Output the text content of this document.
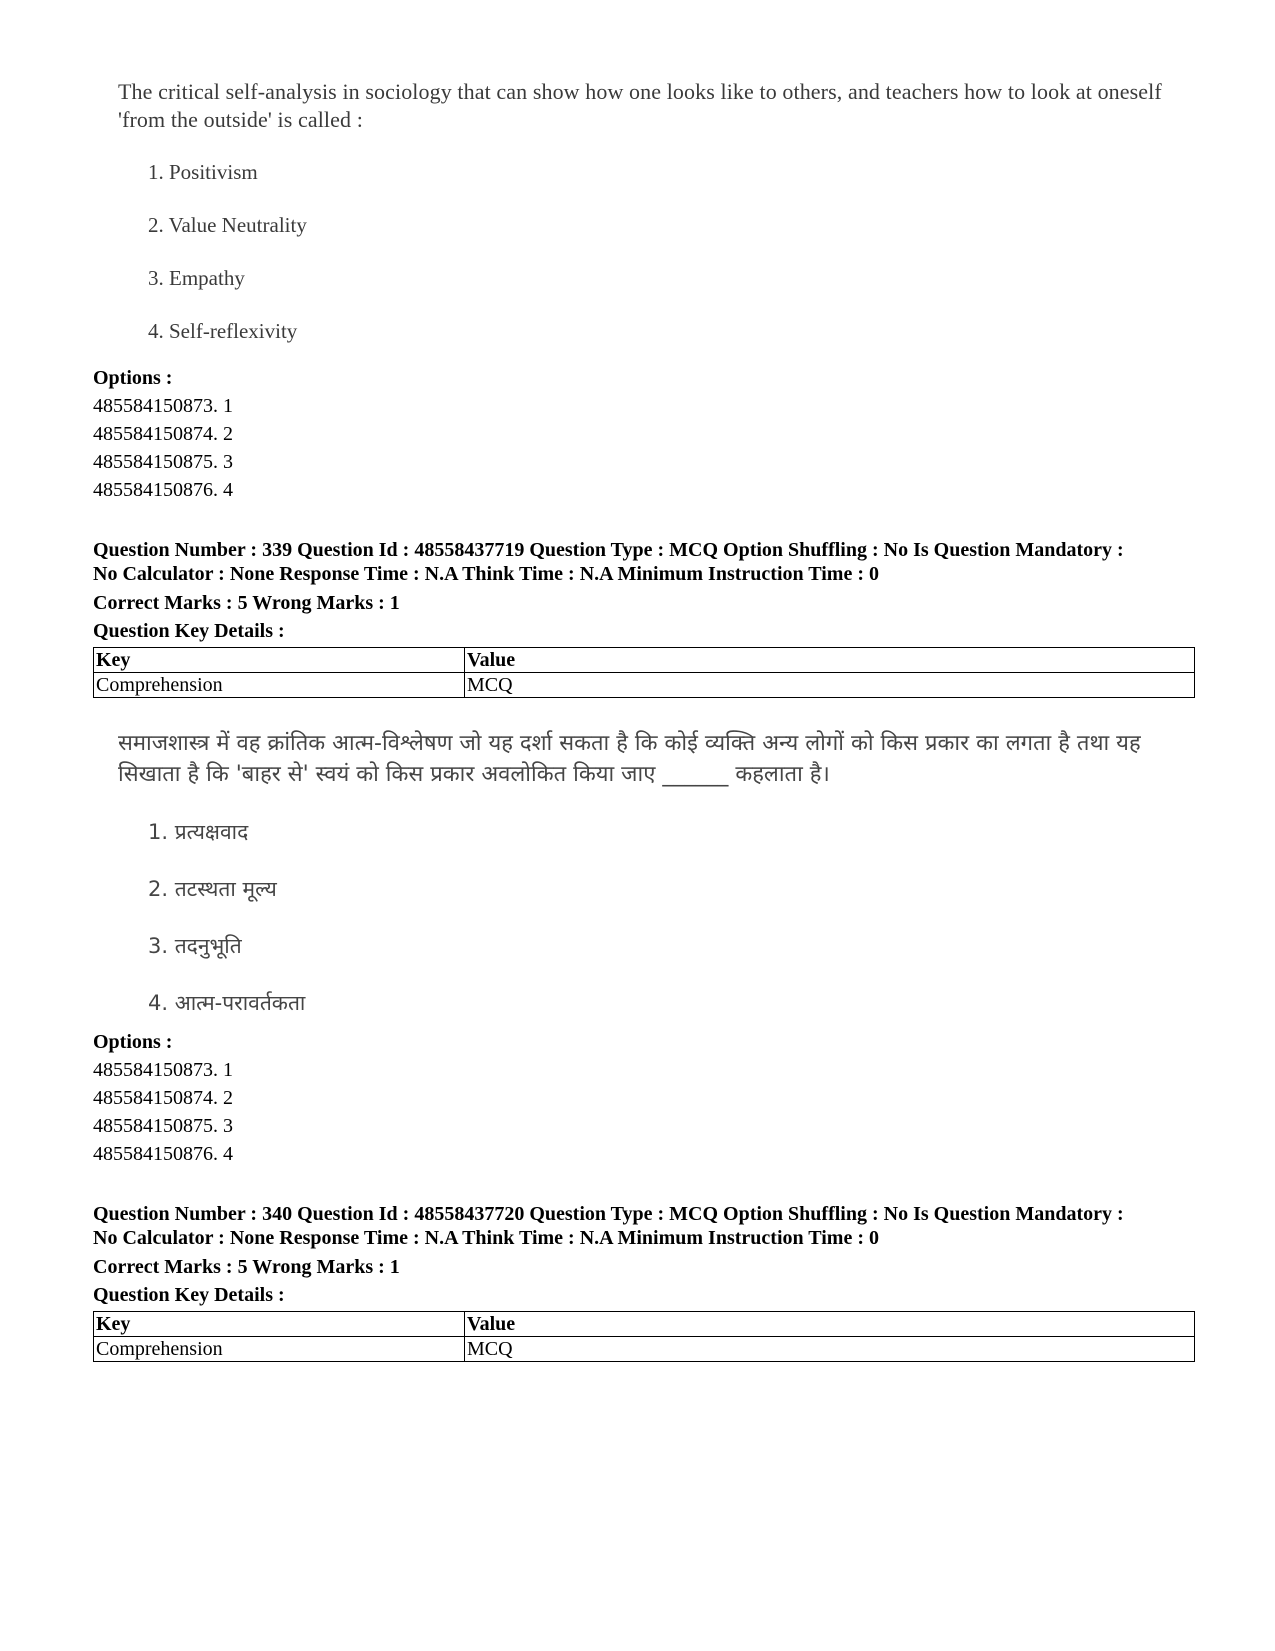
The critical self-analysis in sociology that can show how one looks like to others, and teachers how to look at oneself 'from the outside' is called :

1. Positivism
2. Value Neutrality
3. Empathy
4. Self-reflexivity
Options :
485584150873. 1
485584150874. 2
485584150875. 3
485584150876. 4

Question Number : 339 Question Id : 48558437719 Question Type : MCQ Option Shuffling : No Is Question Mandatory :

No Calculator : None Response Time : N.A Think Time : N.A Minimum Instruction Time : 0

Correct Marks : 5 Wrong Marks : 1
Question Key Details :
Key	Value
Comprehension	MCQ

समाजशास्त्र में वह क्रांतिक आत्म-विश्लेषण जो यह दर्शा सकता है कि कोई व्यक्ति अन्य लोगों को किस प्रकार का लगता है तथा यह सिखाता है कि 'बाहर से' स्वयं को किस प्रकार अवलोकित किया जाए ______ कहलाता है।

1. प्रत्यक्षवाद
2. तटस्थता मूल्य
3. तदनुभूति
4. आत्म-परावर्तकता
Options :
485584150873. 1
485584150874. 2
485584150875. 3
485584150876. 4

Question Number : 340 Question Id : 48558437720 Question Type : MCQ Option Shuffling : No Is Question Mandatory :

No Calculator : None Response Time : N.A Think Time : N.A Minimum Instruction Time : 0

Correct Marks : 5 Wrong Marks : 1
Question Key Details :
Key	Value
Comprehension	MCQ
